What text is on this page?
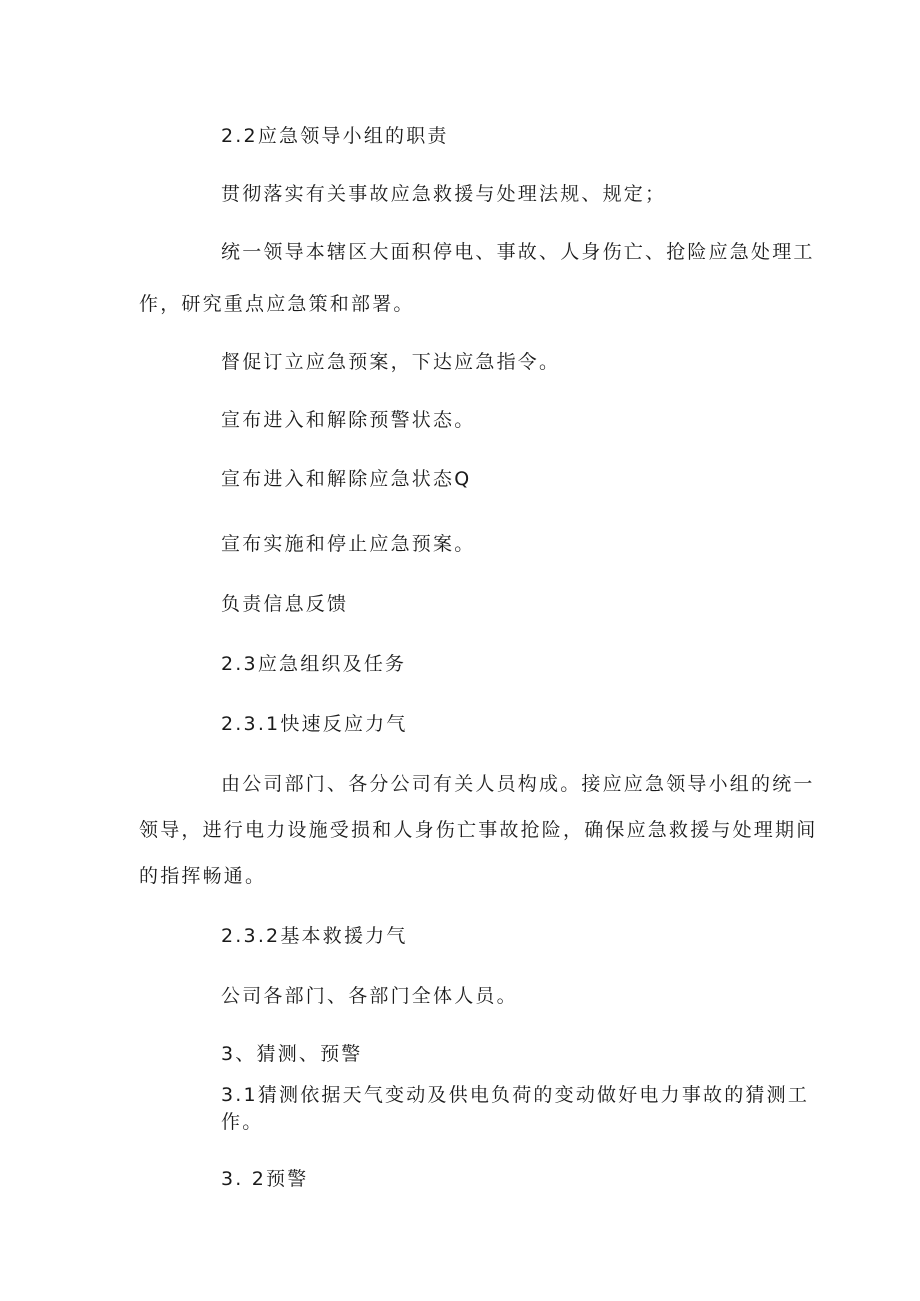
2.2应急领导小组的职责
贯彻落实有关事故应急救援与处理法规、规定；
统一领导本辖区大面积停电、事故、人身伤亡、抢险应急处理工
作，研究重点应急策和部署。
督促订立应急预案，下达应急指令。
宣布进入和解除预警状态。
宣布进入和解除应急状态Q
宣布实施和停止应急预案。
负责信息反馈
2.3应急组织及任务
2.3.1快速反应力气
由公司部门、各分公司有关人员构成。接应应急领导小组的统一
领导，进行电力设施受损和人身伤亡事故抢险，确保应急救援与处理期间
的指挥畅通。
2.3.2基本救援力气
公司各部门、各部门全体人员。
3、猜测、预警
3.1猜测依据天气变动及供电负荷的变动做好电力事故的猜测工
作。
3. 2预警
